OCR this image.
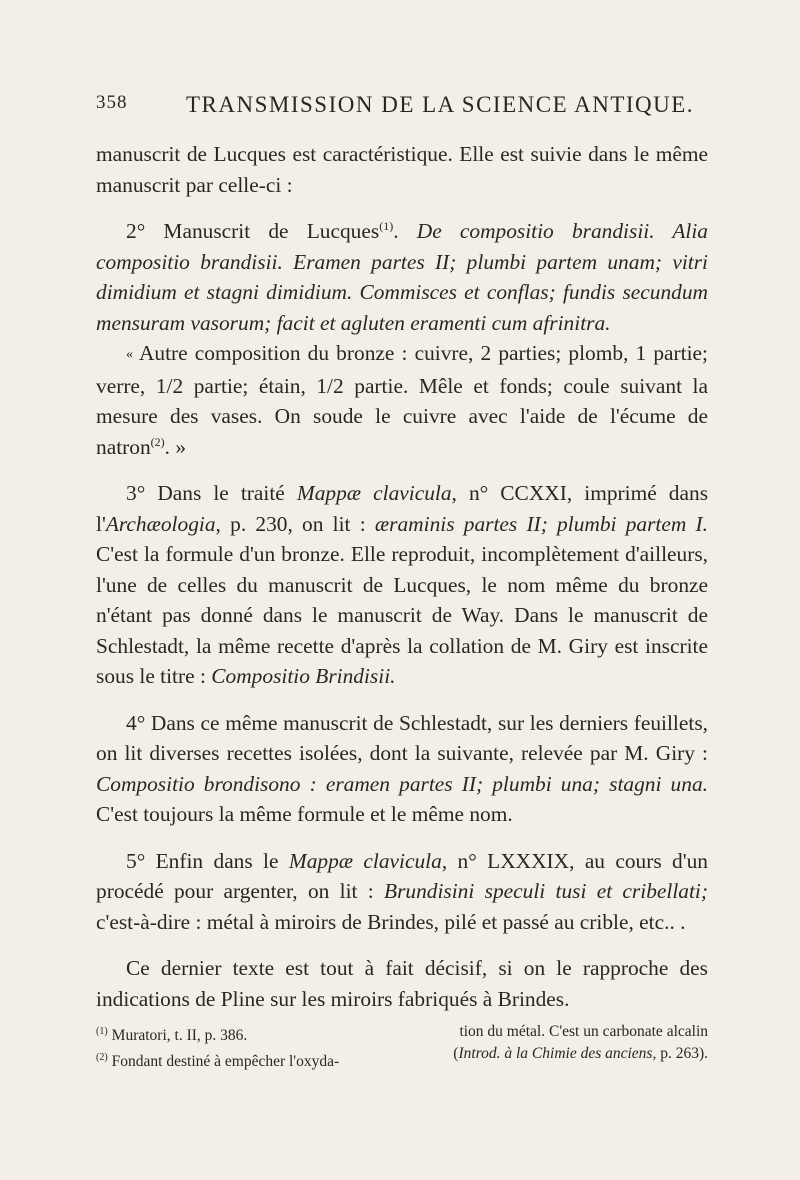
358	TRANSMISSION DE LA SCIENCE ANTIQUE.

manuscrit de Lucques est caractéristique. Elle est suivie dans le même manuscrit par celle-ci :

2° Manuscrit de Lucques$^{(1)}$. De compositio brandisii. Alia compositio brandisii. Eramen partes II; plumbi partem unam; vitri dimidium et stagni dimidium. Commisces et conflas; fundis secundum mensuram vasorum; facit et agluten eramenti cum afrinitra.

« Autre composition du bronze : cuivre, 2 parties; plomb, 1 partie; verre, 1/2 partie; étain, 1/2 partie. Mêle et fonds; coule suivant la mesure des vases. On soude le cuivre avec l'aide de l'écume de natron$^{(2)}$. »

3° Dans le traité Mappæ clavicula, n° CCXXI, imprimé dans l'Archæologia, p. 230, on lit : æraminis partes II; plumbi partem I. C'est la formule d'un bronze. Elle reproduit, incomplètement d'ailleurs, l'une de celles du manuscrit de Lucques, le nom même du bronze n'étant pas donné dans le manuscrit de Way. Dans le manuscrit de Schlestadt, la même recette d'après la collation de M. Giry est inscrite sous le titre : Compositio Brindisii.

4° Dans ce même manuscrit de Schlestadt, sur les derniers feuillets, on lit diverses recettes isolées, dont la suivante, relevée par M. Giry : Compositio brondisono : eramen partes II; plumbi una; stagni una. C'est toujours la même formule et le même nom.

5° Enfin dans le Mappæ clavicula, n° LXXXIX, au cours d'un procédé pour argenter, on lit : Brundisini speculi tusi et cribellati; c'est-à-dire : métal à miroirs de Brindes, pilé et passé au crible, etc.. .

Ce dernier texte est tout à fait décisif, si on le rapproche des indications de Pline sur les miroirs fabriqués à Brindes.

$^{(1)}$ Muratori, t. II, p. 386.

$^{(2)}$ Fondant destiné à empêcher l'oxyda-

tion du métal. C'est un carbonate alcalin

(Introd. à la Chimie des anciens, p. 263).
